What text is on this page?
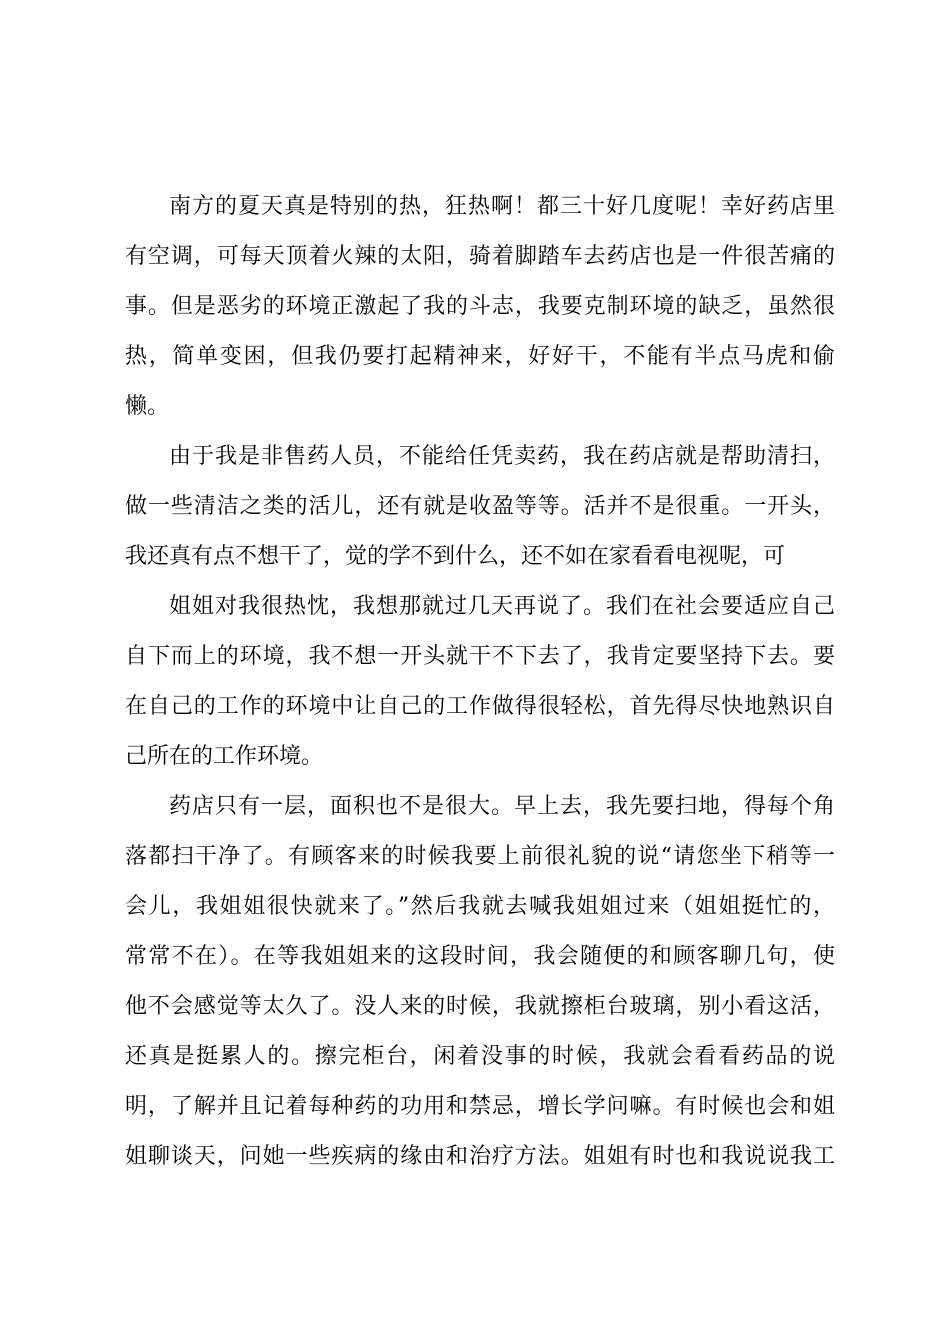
南方的夏天真是特别的热，狂热啊！都三十好几度呢！幸好药店里
有空调，可每天顶着火辣的太阳，骑着脚踏车去药店也是一件很苦痛的
事。但是恶劣的环境正激起了我的斗志，我要克制环境的缺乏，虽然很
热，简单变困，但我仍要打起精神来，好好干，不能有半点马虎和偷
懒。
由于我是非售药人员，不能给任凭卖药，我在药店就是帮助清扫，
做一些清洁之类的活儿，还有就是收盈等等。活并不是很重。一开头，
我还真有点不想干了，觉的学不到什么，还不如在家看看电视呢，可
姐姐对我很热忱，我想那就过几天再说了。我们在社会要适应自己
自下而上的环境，我不想一开头就干不下去了，我肯定要坚持下去。要
在自己的工作的环境中让自己的工作做得很轻松，首先得尽快地熟识自
己所在的工作环境。
药店只有一层，面积也不是很大。早上去，我先要扫地，得每个角
落都扫干净了。有顾客来的时候我要上前很礼貌的说“请您坐下稍等一
会儿，我姐姐很快就来了。”然后我就去喊我姐姐过来（姐姐挺忙的，
常常不在）。在等我姐姐来的这段时间，我会随便的和顾客聊几句，使
他不会感觉等太久了。没人来的时候，我就擦柜台玻璃，别小看这活，
还真是挺累人的。擦完柜台，闲着没事的时候，我就会看看药品的说
明，了解并且记着每种药的功用和禁忌，增长学问嘛。有时候也会和姐
姐聊谈天，问她一些疾病的缘由和治疗方法。姐姐有时也和我说说我工
